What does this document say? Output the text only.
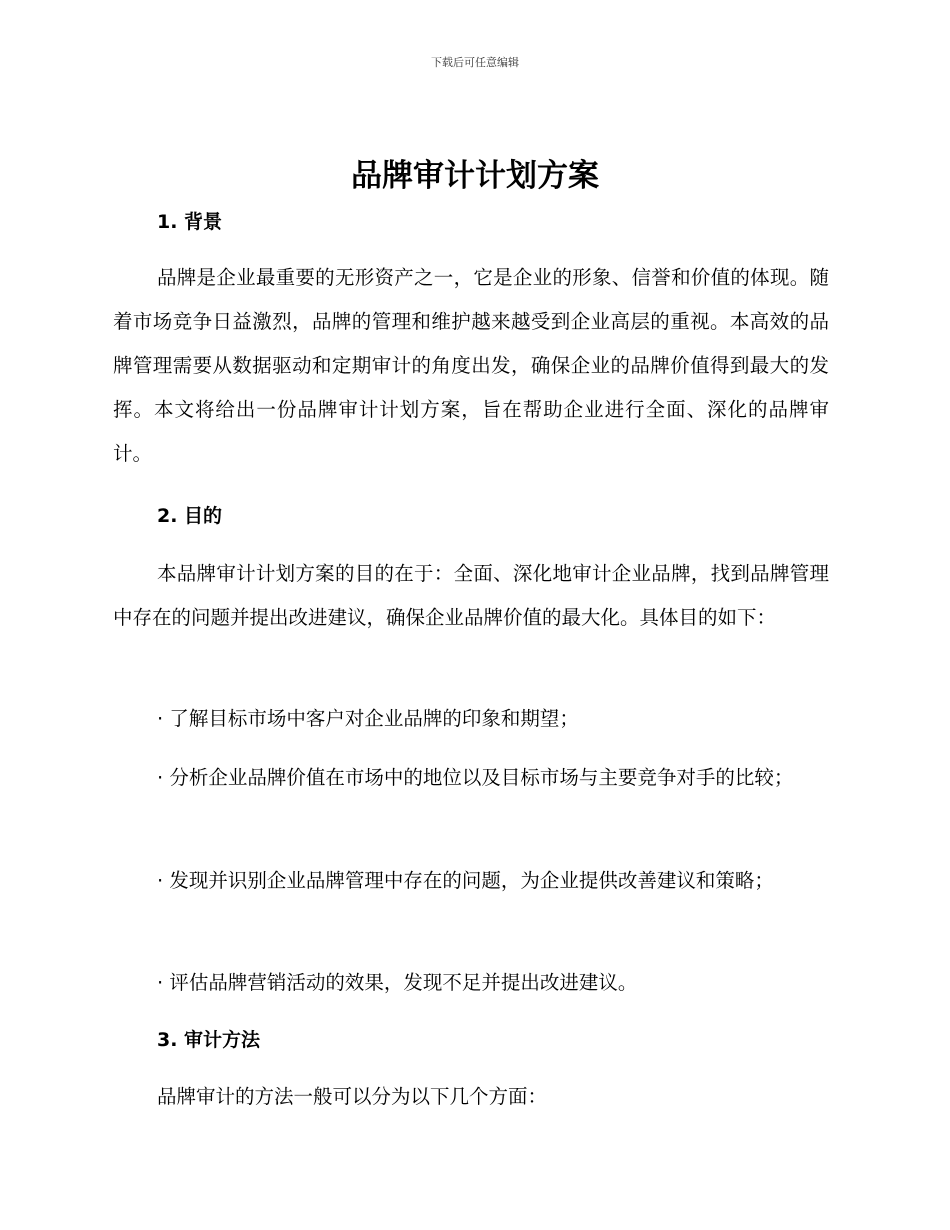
下载后可任意编辑
品牌审计计划方案
1. 背景

品牌是企业最重要的无形资产之一，它是企业的形象、信誉和价值的体现。随着市场竞争日益激烈，品牌的管理和维护越来越受到企业高层的重视。本高效的品牌管理需要从数据驱动和定期审计的角度出发，确保企业的品牌价值得到最大的发挥。本文将给出一份品牌审计计划方案，旨在帮助企业进行全面、深化的品牌审计。

2. 目的

本品牌审计计划方案的目的在于：全面、深化地审计企业品牌，找到品牌管理中存在的问题并提出改进建议，确保企业品牌价值的最大化。具体目的如下：

· 了解目标市场中客户对企业品牌的印象和期望；

· 分析企业品牌价值在市场中的地位以及目标市场与主要竞争对手的比较；

· 发现并识别企业品牌管理中存在的问题，为企业提供改善建议和策略；

· 评估品牌营销活动的效果，发现不足并提出改进建议。

3. 审计方法

品牌审计的方法一般可以分为以下几个方面：
